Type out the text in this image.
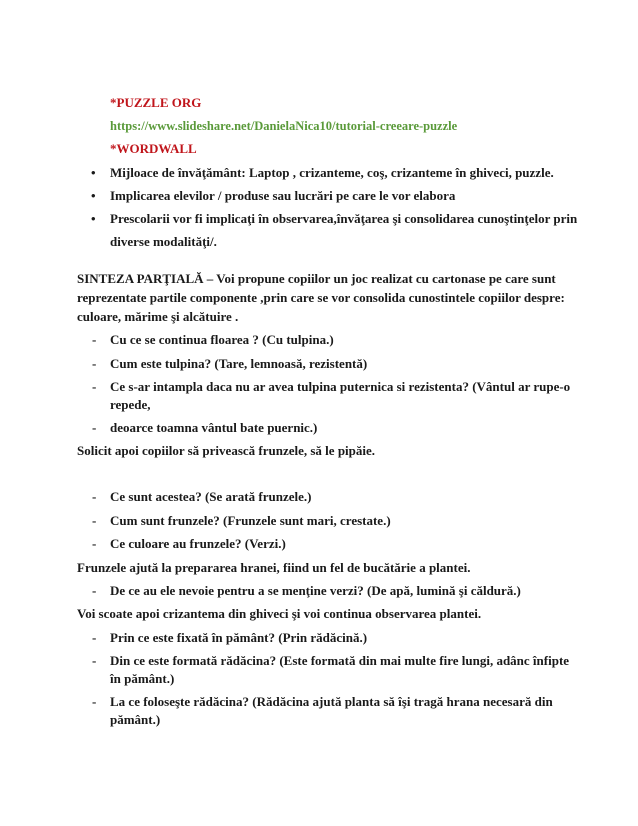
*PUZZLE ORG
https://www.slideshare.net/DanielaNica10/tutorial-creeare-puzzle
*WORDWALL
• Mijloace de învăţământ: Laptop , crizanteme, coş, crizanteme în ghiveci, puzzle.
• Implicarea elevilor / produse sau lucrări pe care le vor elabora
• Prescolarii vor fi implicaţi în observarea,învăţarea şi consolidarea cunoştinţelor prin
diverse modalităţi/.
SINTEZA PARŢIALĂ – Voi propune copiilor un joc realizat cu cartonase pe care sunt
reprezentate partile componente ,prin care se vor consolida cunostintele copiilor despre:
culoare, mărime şi alcătuire .
- Cu ce se continua floarea ? (Cu tulpina.)
- Cum este tulpina? (Tare, lemnoasă, rezistentă)
- Ce s-ar intampla daca nu ar avea tulpina puternica si rezistenta? (Vântul ar rupe-o
repede,
- deoarce toamna vântul bate puernic.)
Solicit apoi copiilor să privească frunzele, să le pipăie.
- Ce sunt acestea? (Se arată frunzele.)
- Cum sunt frunzele? (Frunzele sunt mari, crestate.)
- Ce culoare au frunzele? (Verzi.)
Frunzele ajută la prepararea hranei, fiind un fel de bucătărie a plantei.
- De ce au ele nevoie pentru a se menţine verzi? (De apă, lumină şi căldură.)
Voi scoate apoi crizantema din ghiveci şi voi continua observarea plantei.
- Prin ce este fixată în pământ? (Prin rădăcină.)
- Din ce este formată rădăcina? (Este formată din mai multe fire lungi, adânc înfipte
în pământ.)
- La ce foloseşte rădăcina? (Rădăcina ajută planta să îşi tragă hrana necesară din
pământ.)
